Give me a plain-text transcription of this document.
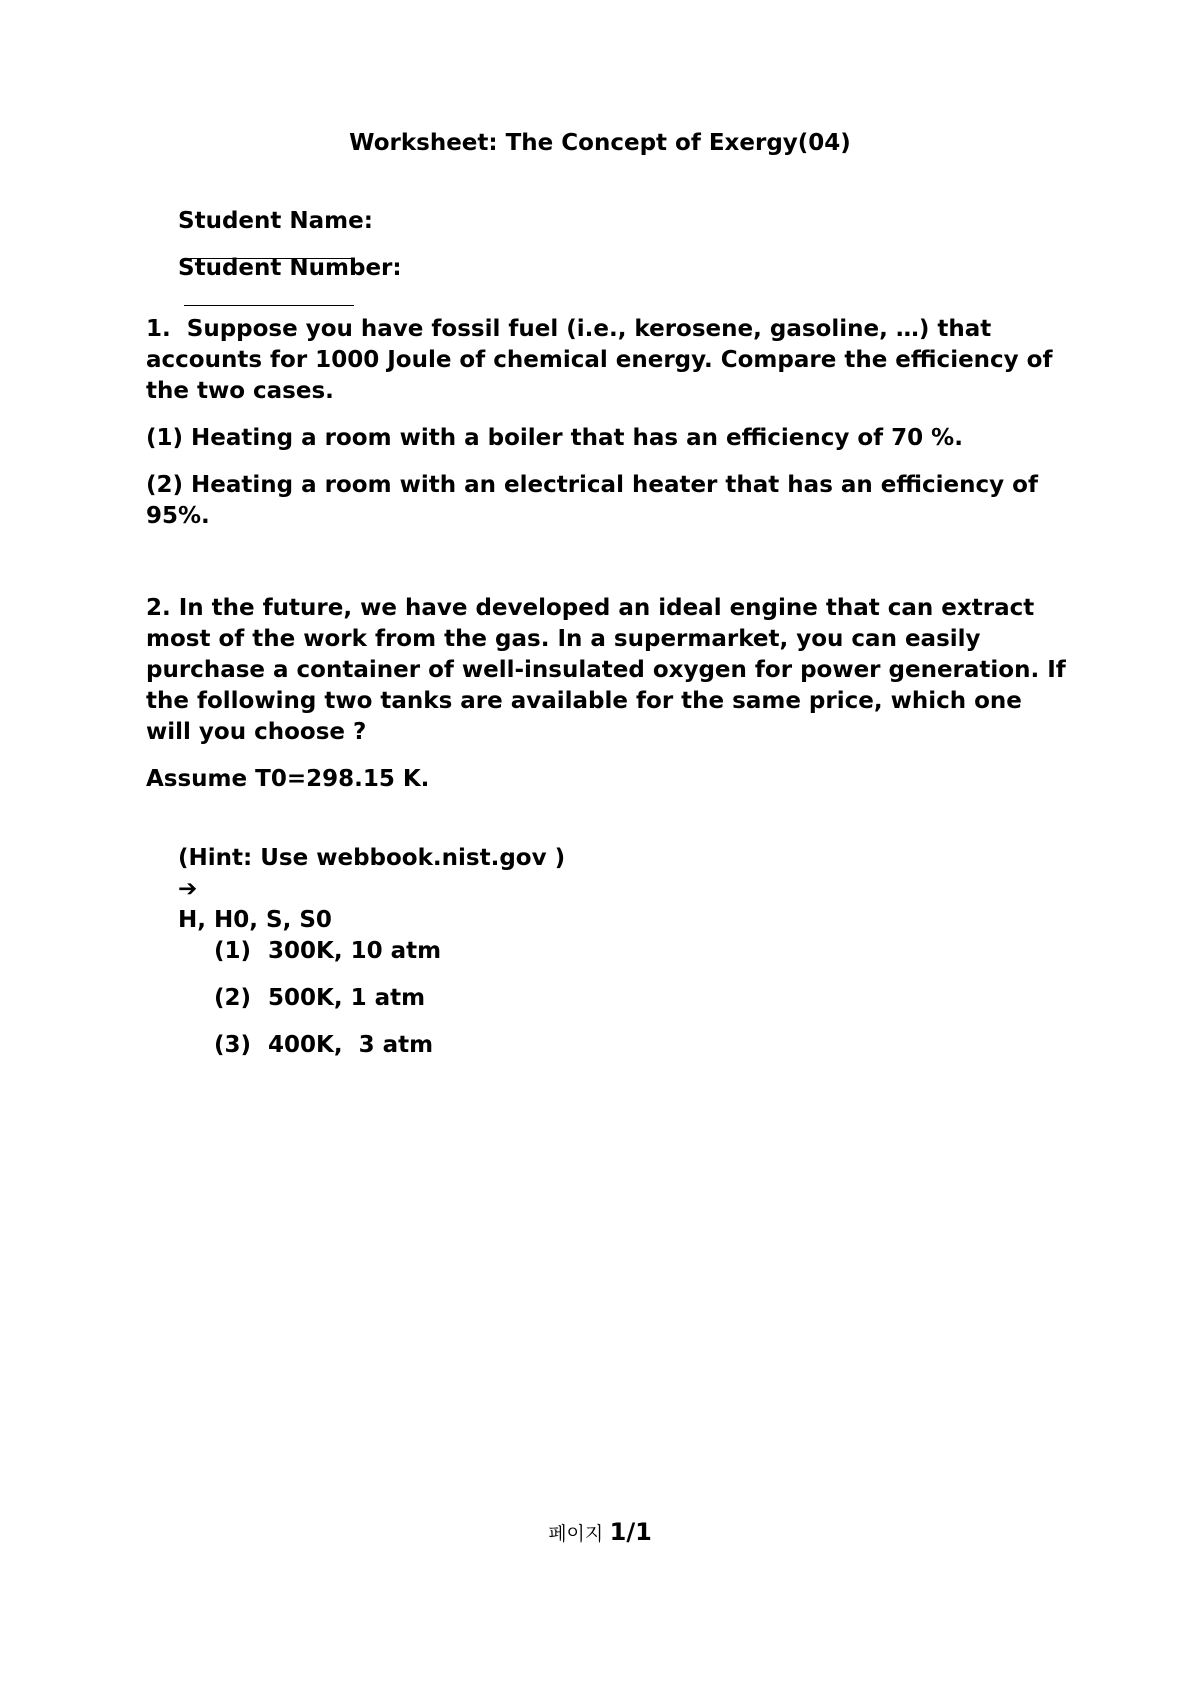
Worksheet: The Concept of Exergy(04)

Student Name:

Student Number:

1.  Suppose you have fossil fuel (i.e., kerosene, gasoline, …) that accounts for 1000 Joule of chemical energy. Compare the efficiency of the two cases.
(1) Heating a room with a boiler that has an efficiency of 70 %.
(2) Heating a room with an electrical heater that has an efficiency of 95%.
2. In the future, we have developed an ideal engine that can extract most of the work from the gas. In a supermarket, you can easily purchase a container of well-insulated oxygen for power generation. If the following two tanks are available for the same price, which one will you choose ?
Assume T0=298.15 K.

(Hint: Use webbook.nist.gov )
➔
H, H0, S, S0

(1) 300K, 10 atm

(2) 500K, 1 atm

(3) 400K,  3 atm

페이지 1/1
